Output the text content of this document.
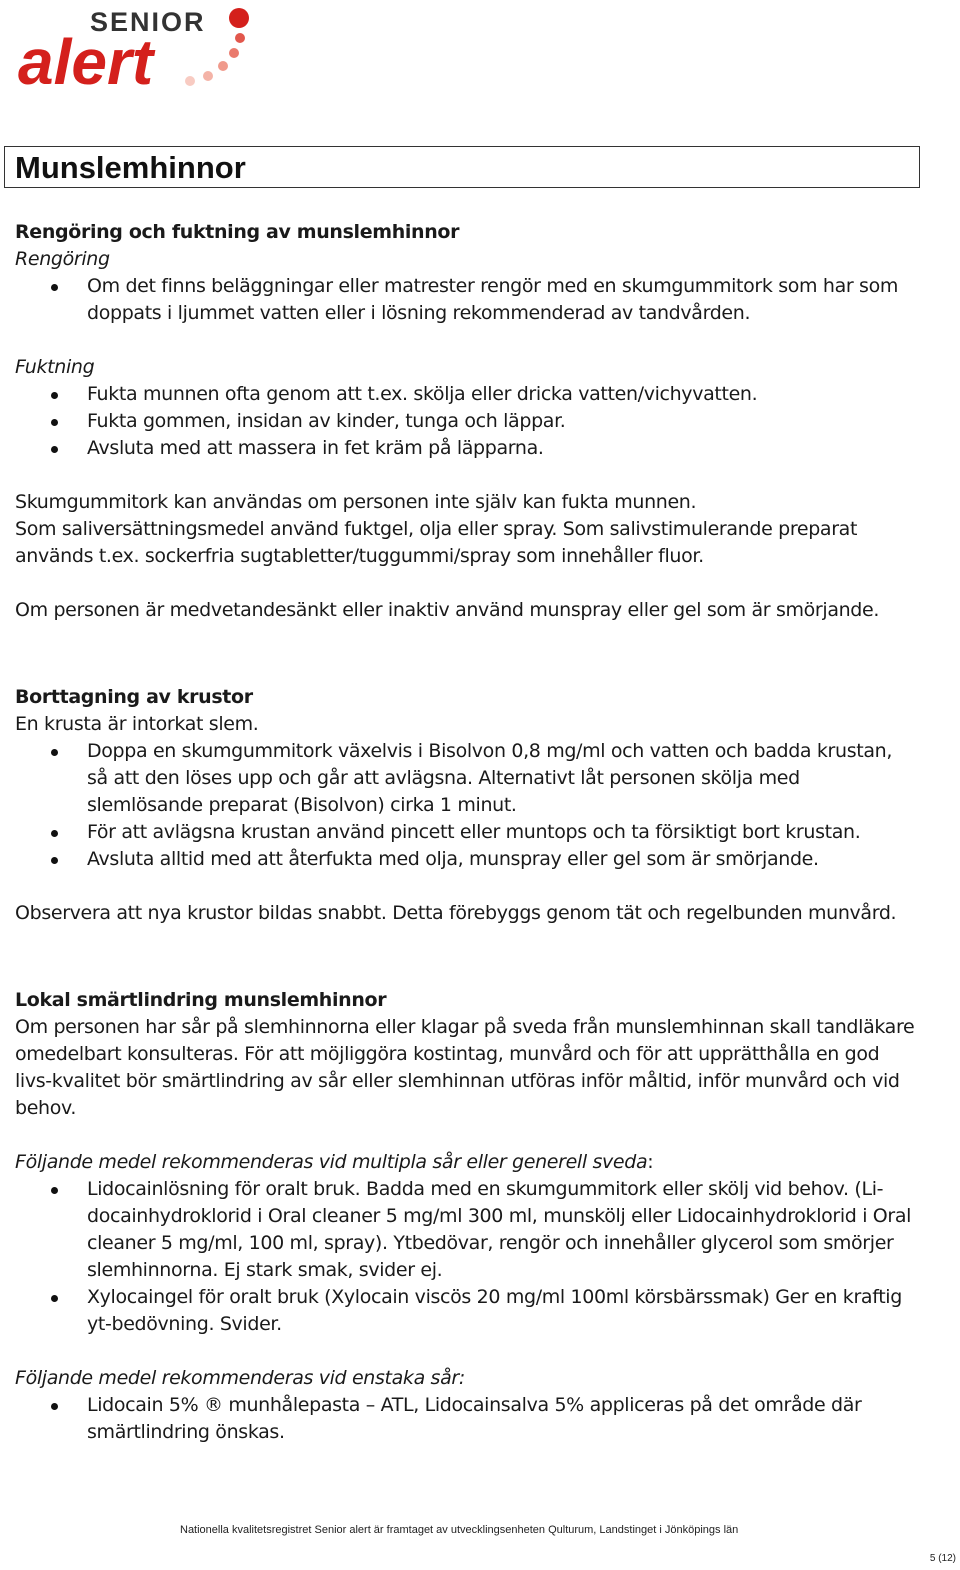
SENIOR
alert
Munslemhinnor

Rengöring och fuktning av munslemhinnor

Rengöring

Om det finns beläggningar eller matrester rengör med en skumgummitork som har som doppats i ljummet vatten eller i lösning rekommenderad av tandvården.

Fuktning

Fukta munnen ofta genom att t.ex. skölja eller dricka vatten/vichyvatten.
Fukta gommen, insidan av kinder, tunga och läppar.
Avsluta med att massera in fet kräm på läpparna.

Skumgummitork kan användas om personen inte själv kan fukta munnen.

Som saliversättningsmedel använd fuktgel, olja eller spray. Som salivstimulerande preparat används t.ex. sockerfria sugtabletter/tuggummi/spray som innehåller fluor.

Om personen är medvetandesänkt eller inaktiv använd munspray eller gel som är smörjande.

Borttagning av krustor

En krusta är intorkat slem.

Doppa en skumgummitork växelvis i Bisolvon 0,8 mg/ml och vatten och badda krustan, så att den löses upp och går att avlägsna. Alternativt låt personen skölja med slemlösande preparat (Bisolvon) cirka 1 minut.
För att avlägsna krustan använd pincett eller muntops och ta försiktigt bort krustan.
Avsluta alltid med att återfukta med olja, munspray eller gel som är smörjande.

Observera att nya krustor bildas snabbt. Detta förebyggs genom tät och regelbunden munvård.

Lokal smärtlindring munslemhinnor

Om personen har sår på slemhinnorna eller klagar på sveda från munslemhinnan skall tandläkare omedelbart konsulteras. För att möjliggöra kostintag, munvård och för att upprätthålla en god livs-kvalitet bör smärtlindring av sår eller slemhinnan utföras inför måltid, inför munvård och vid behov.

Följande medel rekommenderas vid multipla sår eller generell sveda:

Lidocainlösning för oralt bruk. Badda med en skumgummitork eller skölj vid behov. (Li-docainhydroklorid i Oral cleaner 5 mg/ml 300 ml, munskölj eller Lidocainhydroklorid i Oral cleaner 5 mg/ml, 100 ml, spray). Ytbedövar, rengör och innehåller glycerol som smörjer slemhinnorna. Ej stark smak, svider ej.
Xylocaingel för oralt bruk (Xylocain viscös 20 mg/ml 100ml körsbärssmak) Ger en kraftig yt-bedövning. Svider.

Följande medel rekommenderas vid enstaka sår:

Lidocain 5% ® munhålepasta – ATL, Lidocainsalva 5% appliceras på det område där smärtlindring önskas.
Nationella kvalitetsregistret Senior alert är framtaget av utvecklingsenheten Qulturum, Landstinget i Jönköpings län
5 (12)
